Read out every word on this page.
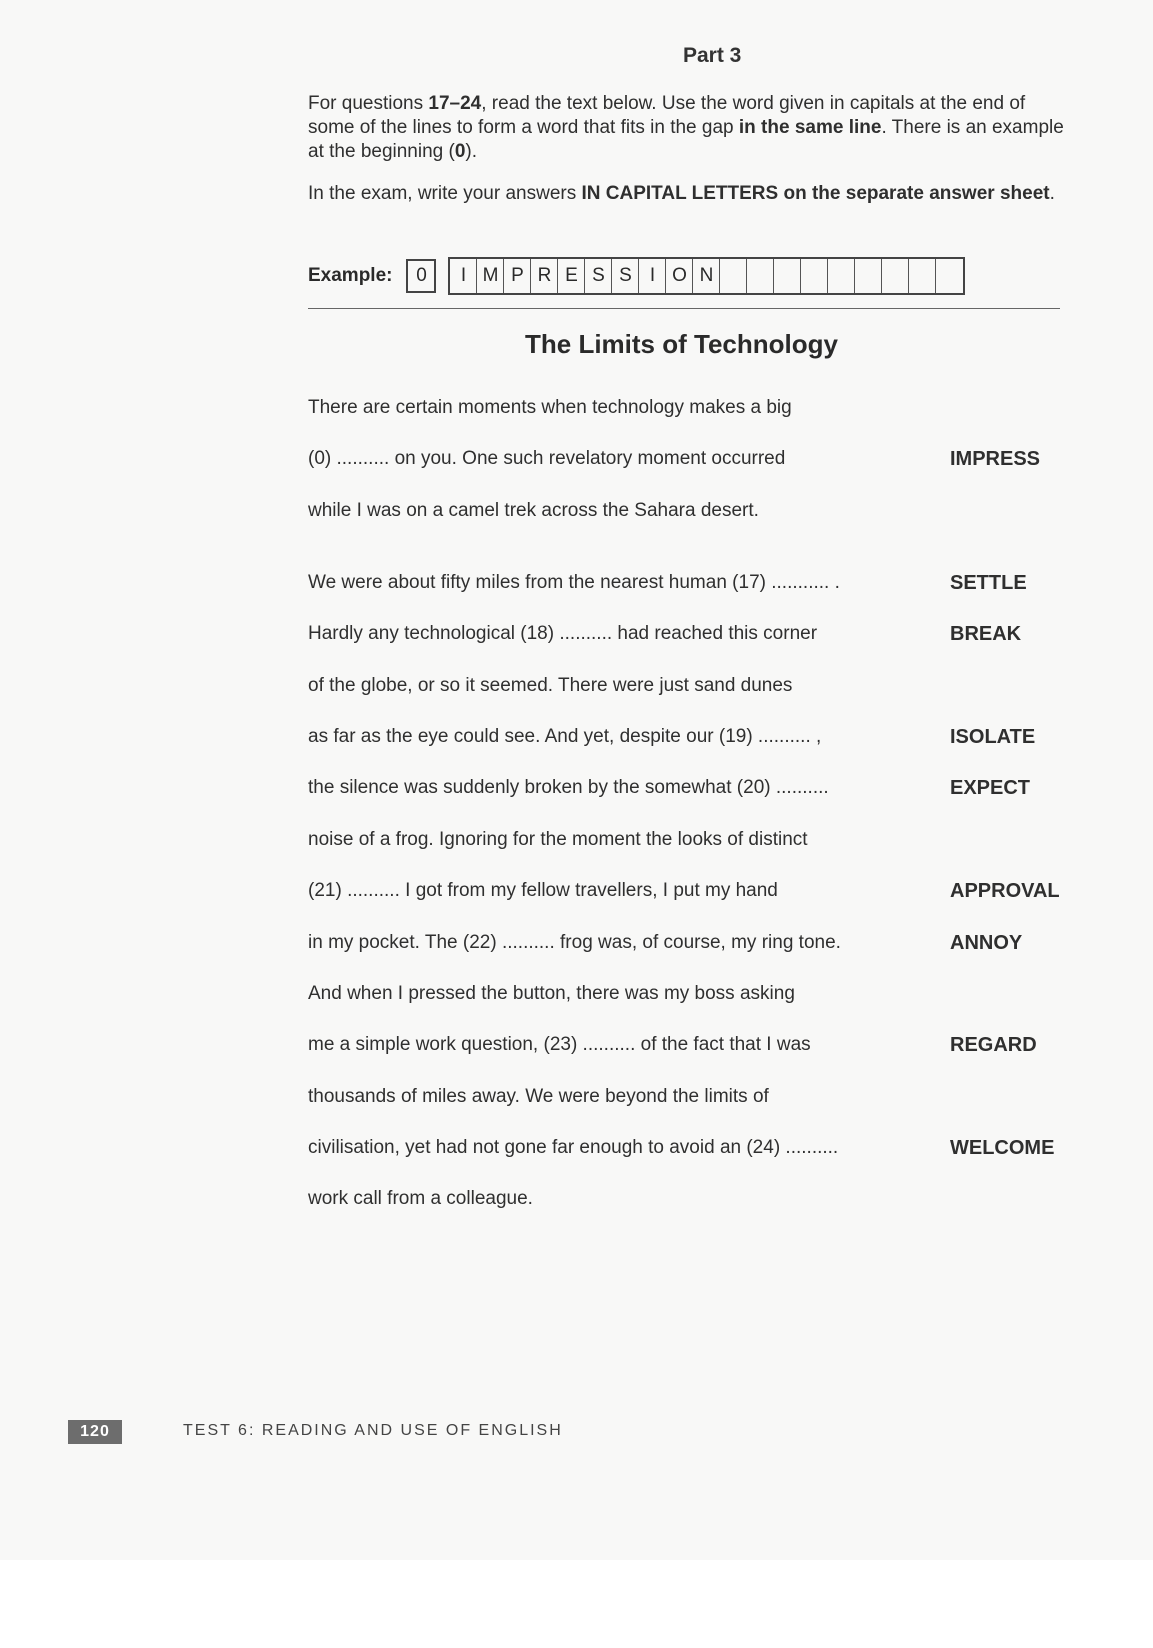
Part 3
For questions 17–24, read the text below. Use the word given in capitals at the end of some of the lines to form a word that fits in the gap in the same line. There is an example at the beginning (0).
In the exam, write your answers IN CAPITAL LETTERS on the separate answer sheet.
Example:	0	I M P R E S S I O N
The Limits of Technology
There are certain moments when technology makes a big
(0) .......... on you. One such revelatory moment occurred	IMPRESS
while I was on a camel trek across the Sahara desert.
We were about fifty miles from the nearest human (17) ........... .	SETTLE
Hardly any technological (18) .......... had reached this corner	BREAK
of the globe, or so it seemed. There were just sand dunes
as far as the eye could see. And yet, despite our (19) .......... ,	ISOLATE
the silence was suddenly broken by the somewhat (20) ..........	EXPECT
noise of a frog. Ignoring for the moment the looks of distinct
(21) .......... I got from my fellow travellers, I put my hand	APPROVAL
in my pocket. The (22) .......... frog was, of course, my ring tone.	ANNOY
And when I pressed the button, there was my boss asking
me a simple work question, (23) .......... of the fact that I was	REGARD
thousands of miles away. We were beyond the limits of
civilisation, yet had not gone far enough to avoid an (24) ..........	WELCOME
work call from a colleague.
120	TEST 6: READING AND USE OF ENGLISH
